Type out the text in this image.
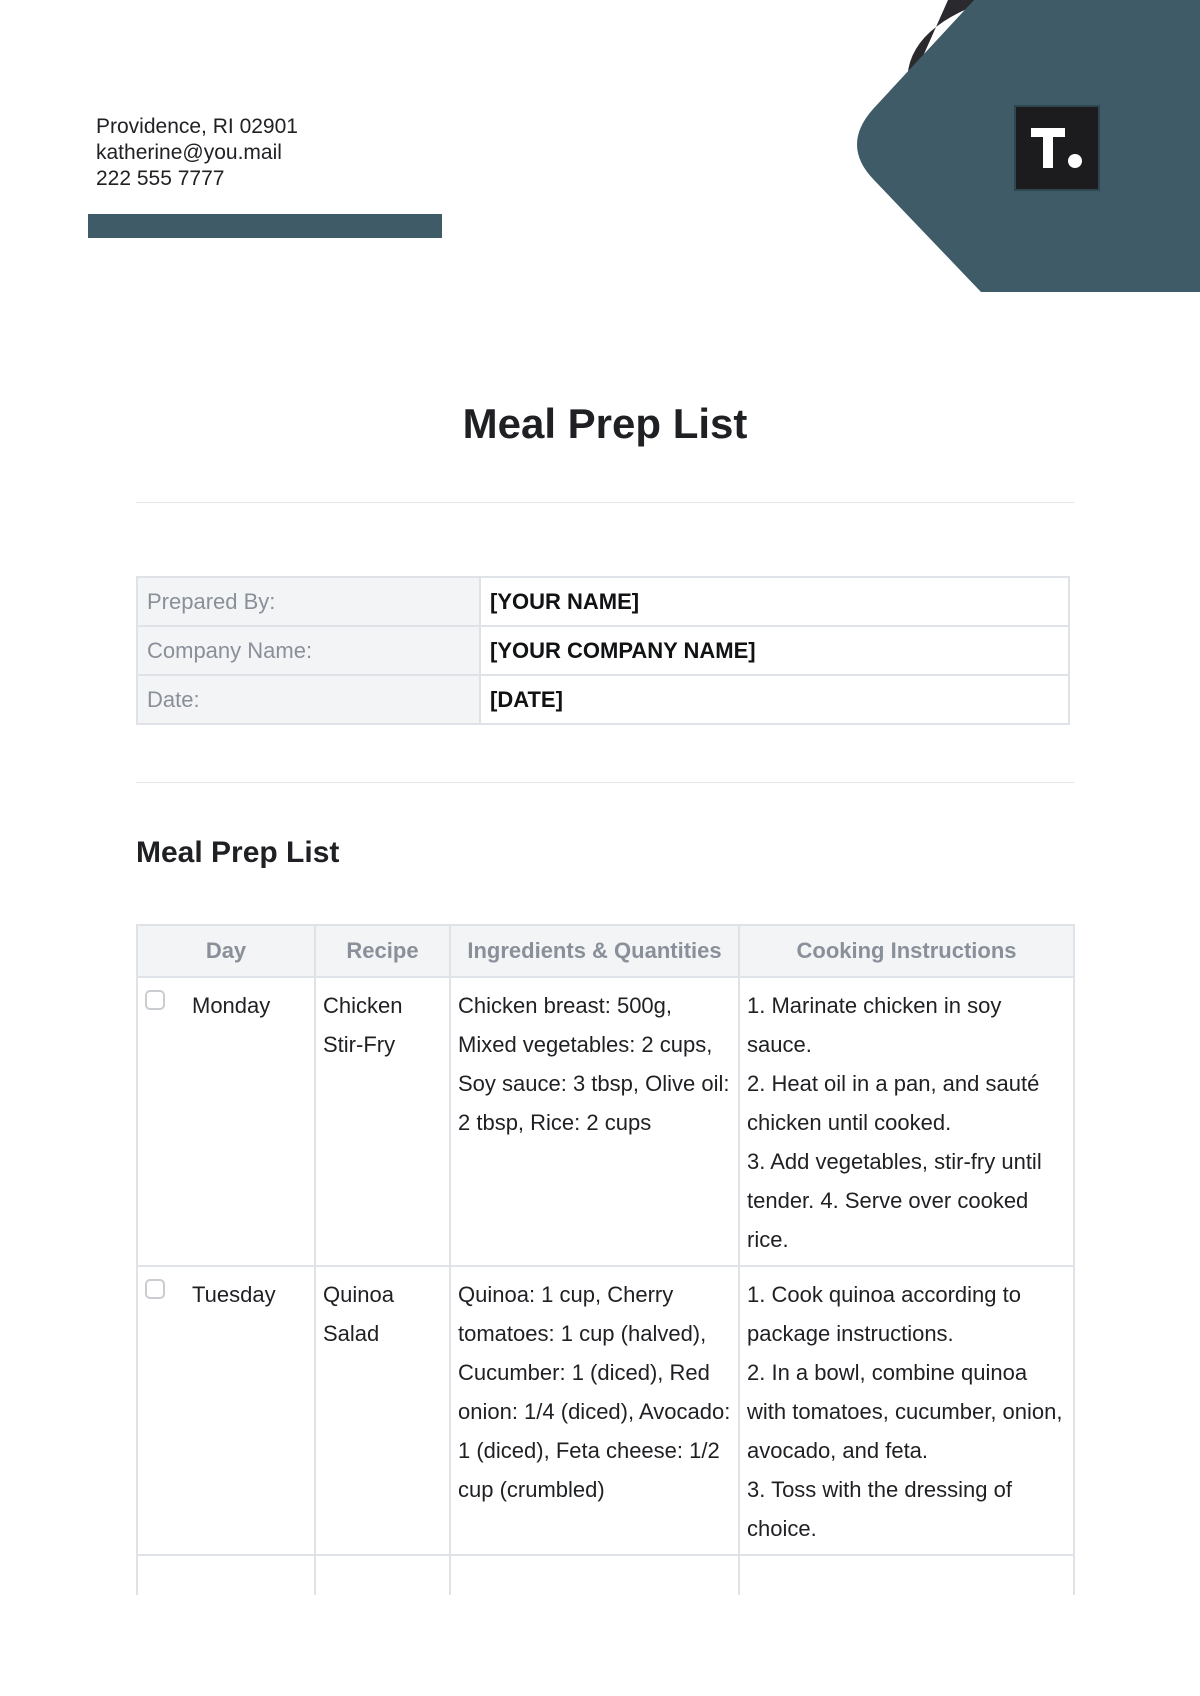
Providence, RI 02901
katherine@you.mail
222 555 7777
Meal Prep List
Prepared By:	[YOUR NAME]
Company Name:	[YOUR COMPANY NAME]
Date:	[DATE]
Meal Prep List
Day	Recipe	Ingredients & Quantities	Cooking Instructions

Monday	Chicken Stir-Fry	Chicken breast: 500g, Mixed vegetables: 2 cups, Soy sauce: 3 tbsp, Olive oil: 2 tbsp, Rice: 2 cups	1. Marinate chicken in soy sauce.
2. Heat oil in a pan, and sauté chicken until cooked.
3. Add vegetables, stir-fry until tender. 4. Serve over cooked rice.

Tuesday	Quinoa Salad	Quinoa: 1 cup, Cherry tomatoes: 1 cup (halved), Cucumber: 1 (diced), Red onion: 1/4 (diced), Avocado: 1 (diced), Feta cheese: 1/2 cup (crumbled)	1. Cook quinoa according to package instructions.
2. In a bowl, combine quinoa with tomatoes, cucumber, onion, avocado, and feta.
3. Toss with the dressing of choice.
